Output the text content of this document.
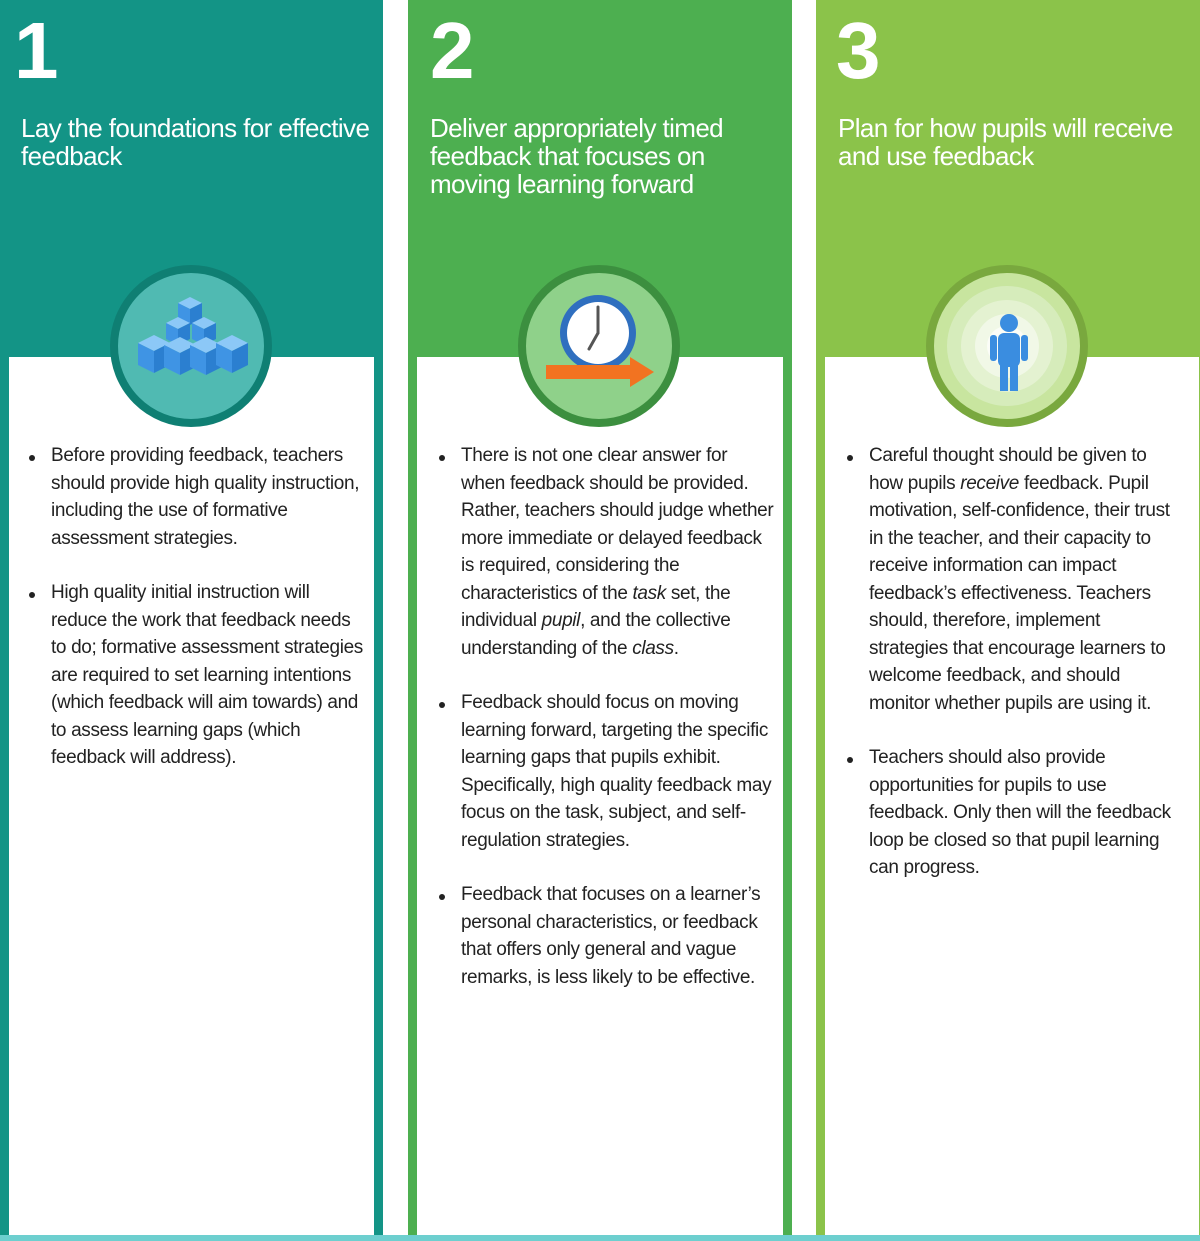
1
Lay the foundations for effective feedback
Before providing feedback, teachers should provide high quality instruction, including the use of formative assessment strategies.
High quality initial instruction will reduce the work that feedback needs to do; formative assessment strategies are required to set learning intentions (which feedback will aim towards) and to assess learning gaps (which feedback will address).
2
Deliver appropriately timed feedback that focuses on moving learning forward
There is not one clear answer for when feedback should be provided. Rather, teachers should judge whether more immediate or delayed feedback is required, considering the characteristics of the task set, the individual pupil, and the collective understanding of the class.
Feedback should focus on moving learning forward, targeting the specific learning gaps that pupils exhibit. Specifically, high quality feedback may focus on the task, subject, and self-regulation strategies.
Feedback that focuses on a learner’s personal characteristics, or feedback that offers only general and vague remarks, is less likely to be effective.
3
Plan for how pupils will receive and use feedback
Careful thought should be given to how pupils receive feedback. Pupil motivation, self-confidence, their trust in the teacher, and their capacity to receive information can impact feedback’s effectiveness. Teachers should, therefore, implement strategies that encourage learners to welcome feedback, and should monitor whether pupils are using it.
Teachers should also provide opportunities for pupils to use feedback. Only then will the feedback loop be closed so that pupil learning can progress.
